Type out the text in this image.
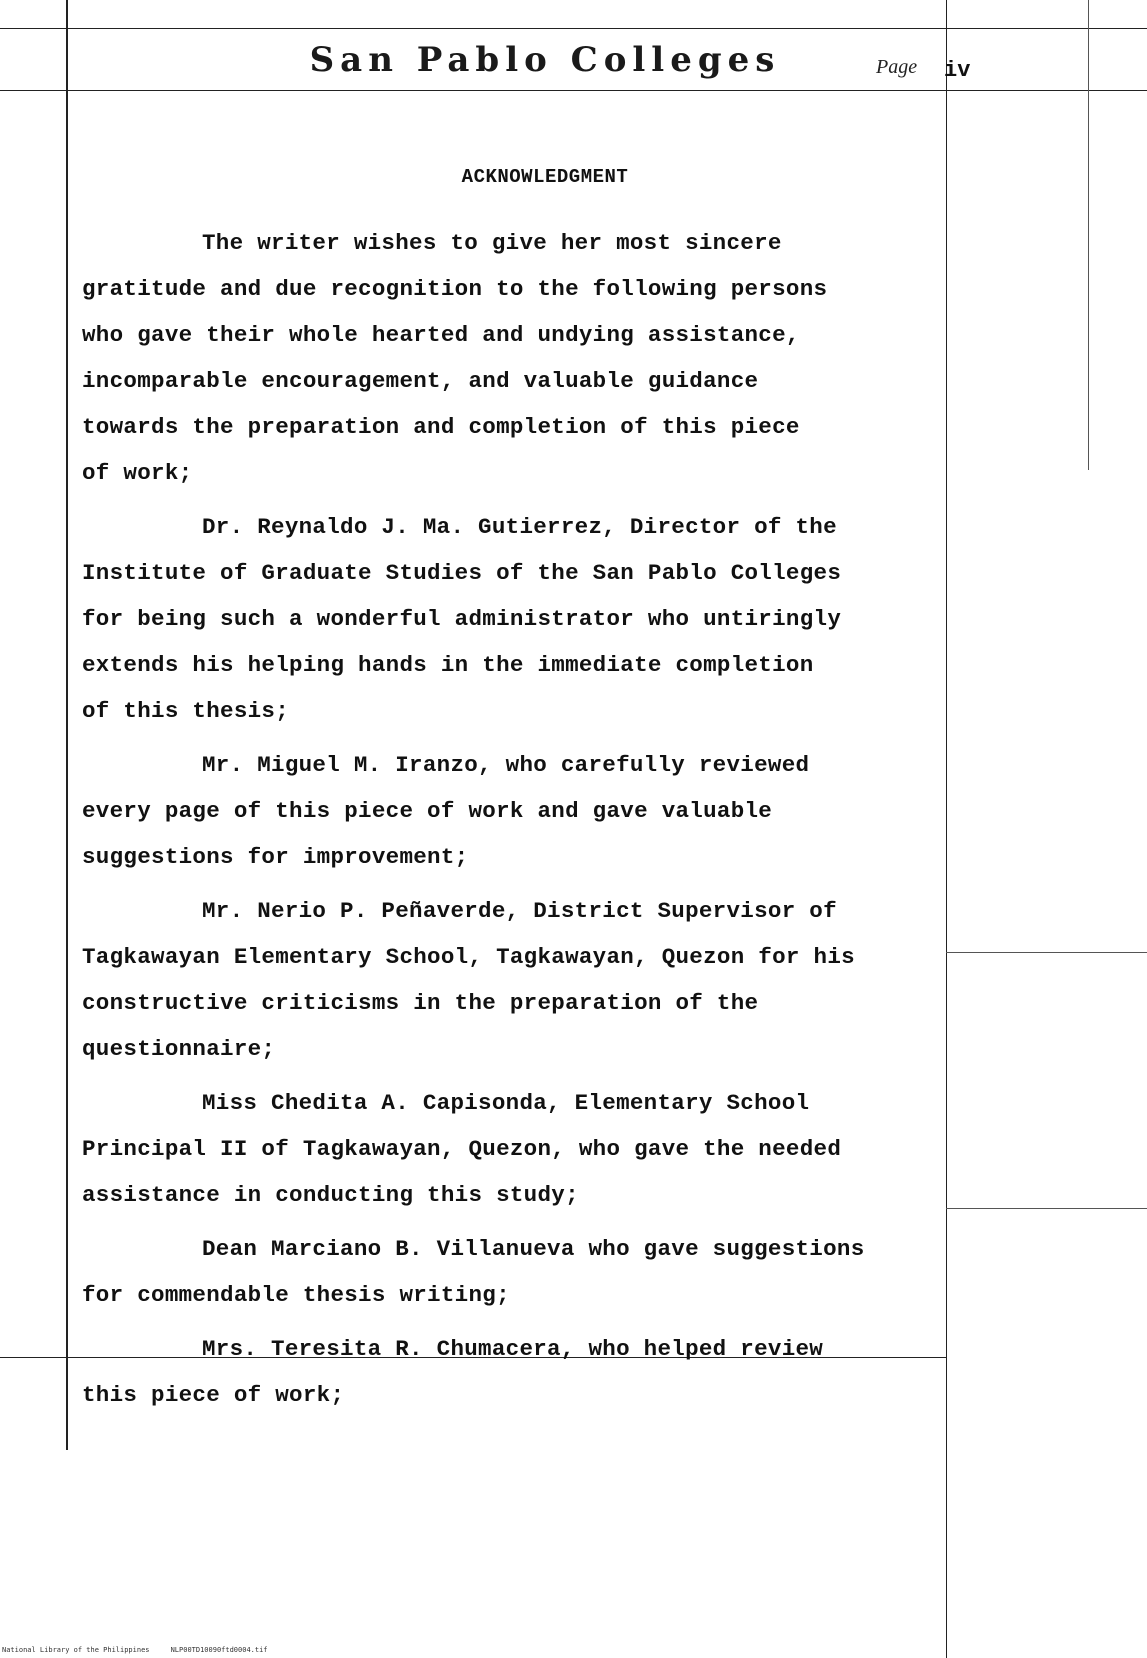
San Pablo Colleges	Page iv
ACKNOWLEDGMENT
The writer wishes to give her most sincere
gratitude and due recognition to the following persons
who gave their whole hearted and undying assistance,
incomparable encouragement, and valuable guidance
towards the preparation and completion of this piece
of work;
Dr. Reynaldo J. Ma. Gutierrez, Director of the
Institute of Graduate Studies of the San Pablo Colleges
for being such a wonderful administrator who untiringly
extends his helping hands in the immediate completion
of this thesis;
Mr. Miguel M. Iranzo, who carefully reviewed
every page of this piece of work and gave valuable
suggestions for improvement;
Mr. Nerio P. Peñaverde, District Supervisor of
Tagkawayan Elementary School, Tagkawayan, Quezon for his
constructive criticisms in the preparation of the
questionnaire;
Miss Chedita A. Capisonda, Elementary School
Principal II of Tagkawayan, Quezon, who gave the needed
assistance in conducting this study;
Dean Marciano B. Villanueva who gave suggestions
for commendable thesis writing;
Mrs. Teresita R. Chumacera, who helped review
this piece of work;
National Library of the Philippines	NLP00TD10090ftd0004.tif
